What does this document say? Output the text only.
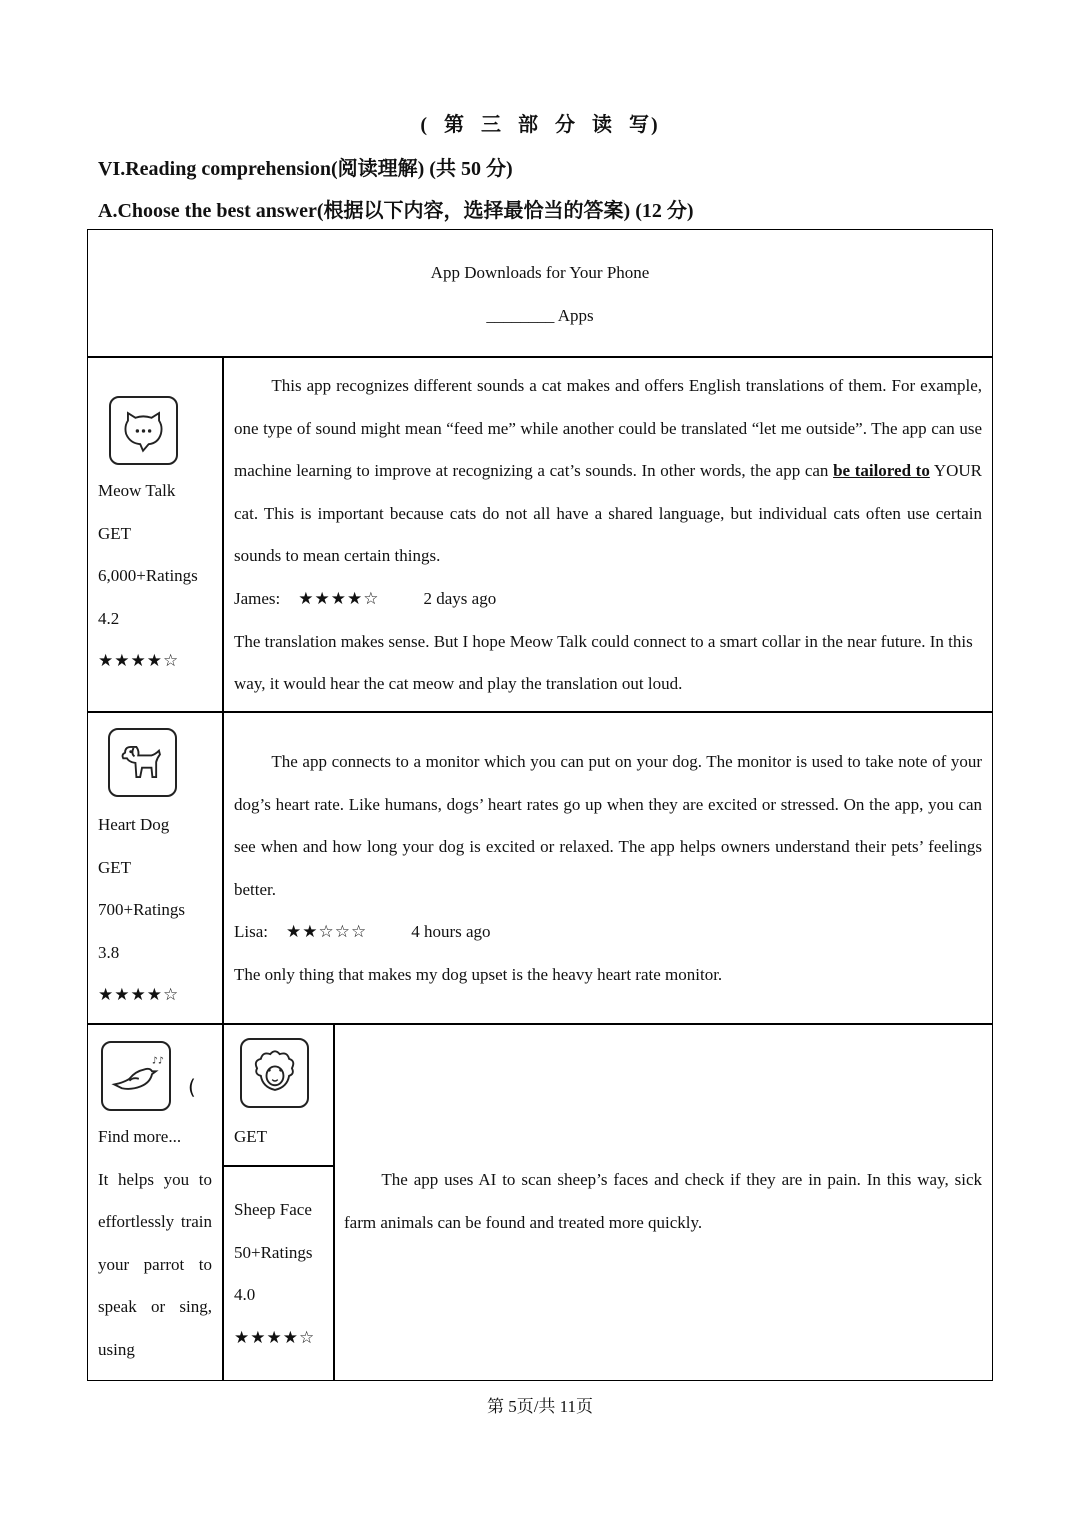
( 第 三 部 分 读 写)
VI.Reading comprehension(阅读理解) (共 50 分)
A.Choose the best answer(根据以下内容，选择最恰当的答案) (12 分)
App Downloads for Your Phone
________ Apps

Meow Talk

GET

6,000+Ratings

4.2

★★★★☆

This app recognizes different sounds a cat makes and offers English translations of them. For example, one type of sound might mean “feed me” while another could be translated “let me outside”. The app can use machine learning to improve at recognizing a cat’s sounds. In other words, the app can be tailored to YOUR cat. This is important because cats do not all have a shared language, but individual cats often use certain sounds to mean certain things.

James: ★★★★☆	2 days ago

The translation makes sense. But I hope Meow Talk could connect to a smart collar in the near future. In this way, it would hear the cat meow and play the translation out loud.

Heart Dog

GET

700+Ratings

3.8

★★★★☆

The app connects to a monitor which you can put on your dog. The monitor is used to take note of your dog’s heart rate. Like humans, dogs’ heart rates go up when they are excited or stressed. On the app, you can see when and how long your dog is excited or relaxed. The app helps owners understand their pets’ feelings better.

Lisa: ★★☆☆☆	4 hours ago

The only thing that makes my dog upset is the heavy heart rate monitor.

♪♪
(

Find more...

It helps you to effortlessly train your parrot to speak or sing, using

GET

Sheep Face

50+Ratings

4.0

★★★★☆

The app uses AI to scan sheep’s faces and check if they are in pain. In this way, sick farm animals can be found and treated more quickly.

第 5页/共 11页
